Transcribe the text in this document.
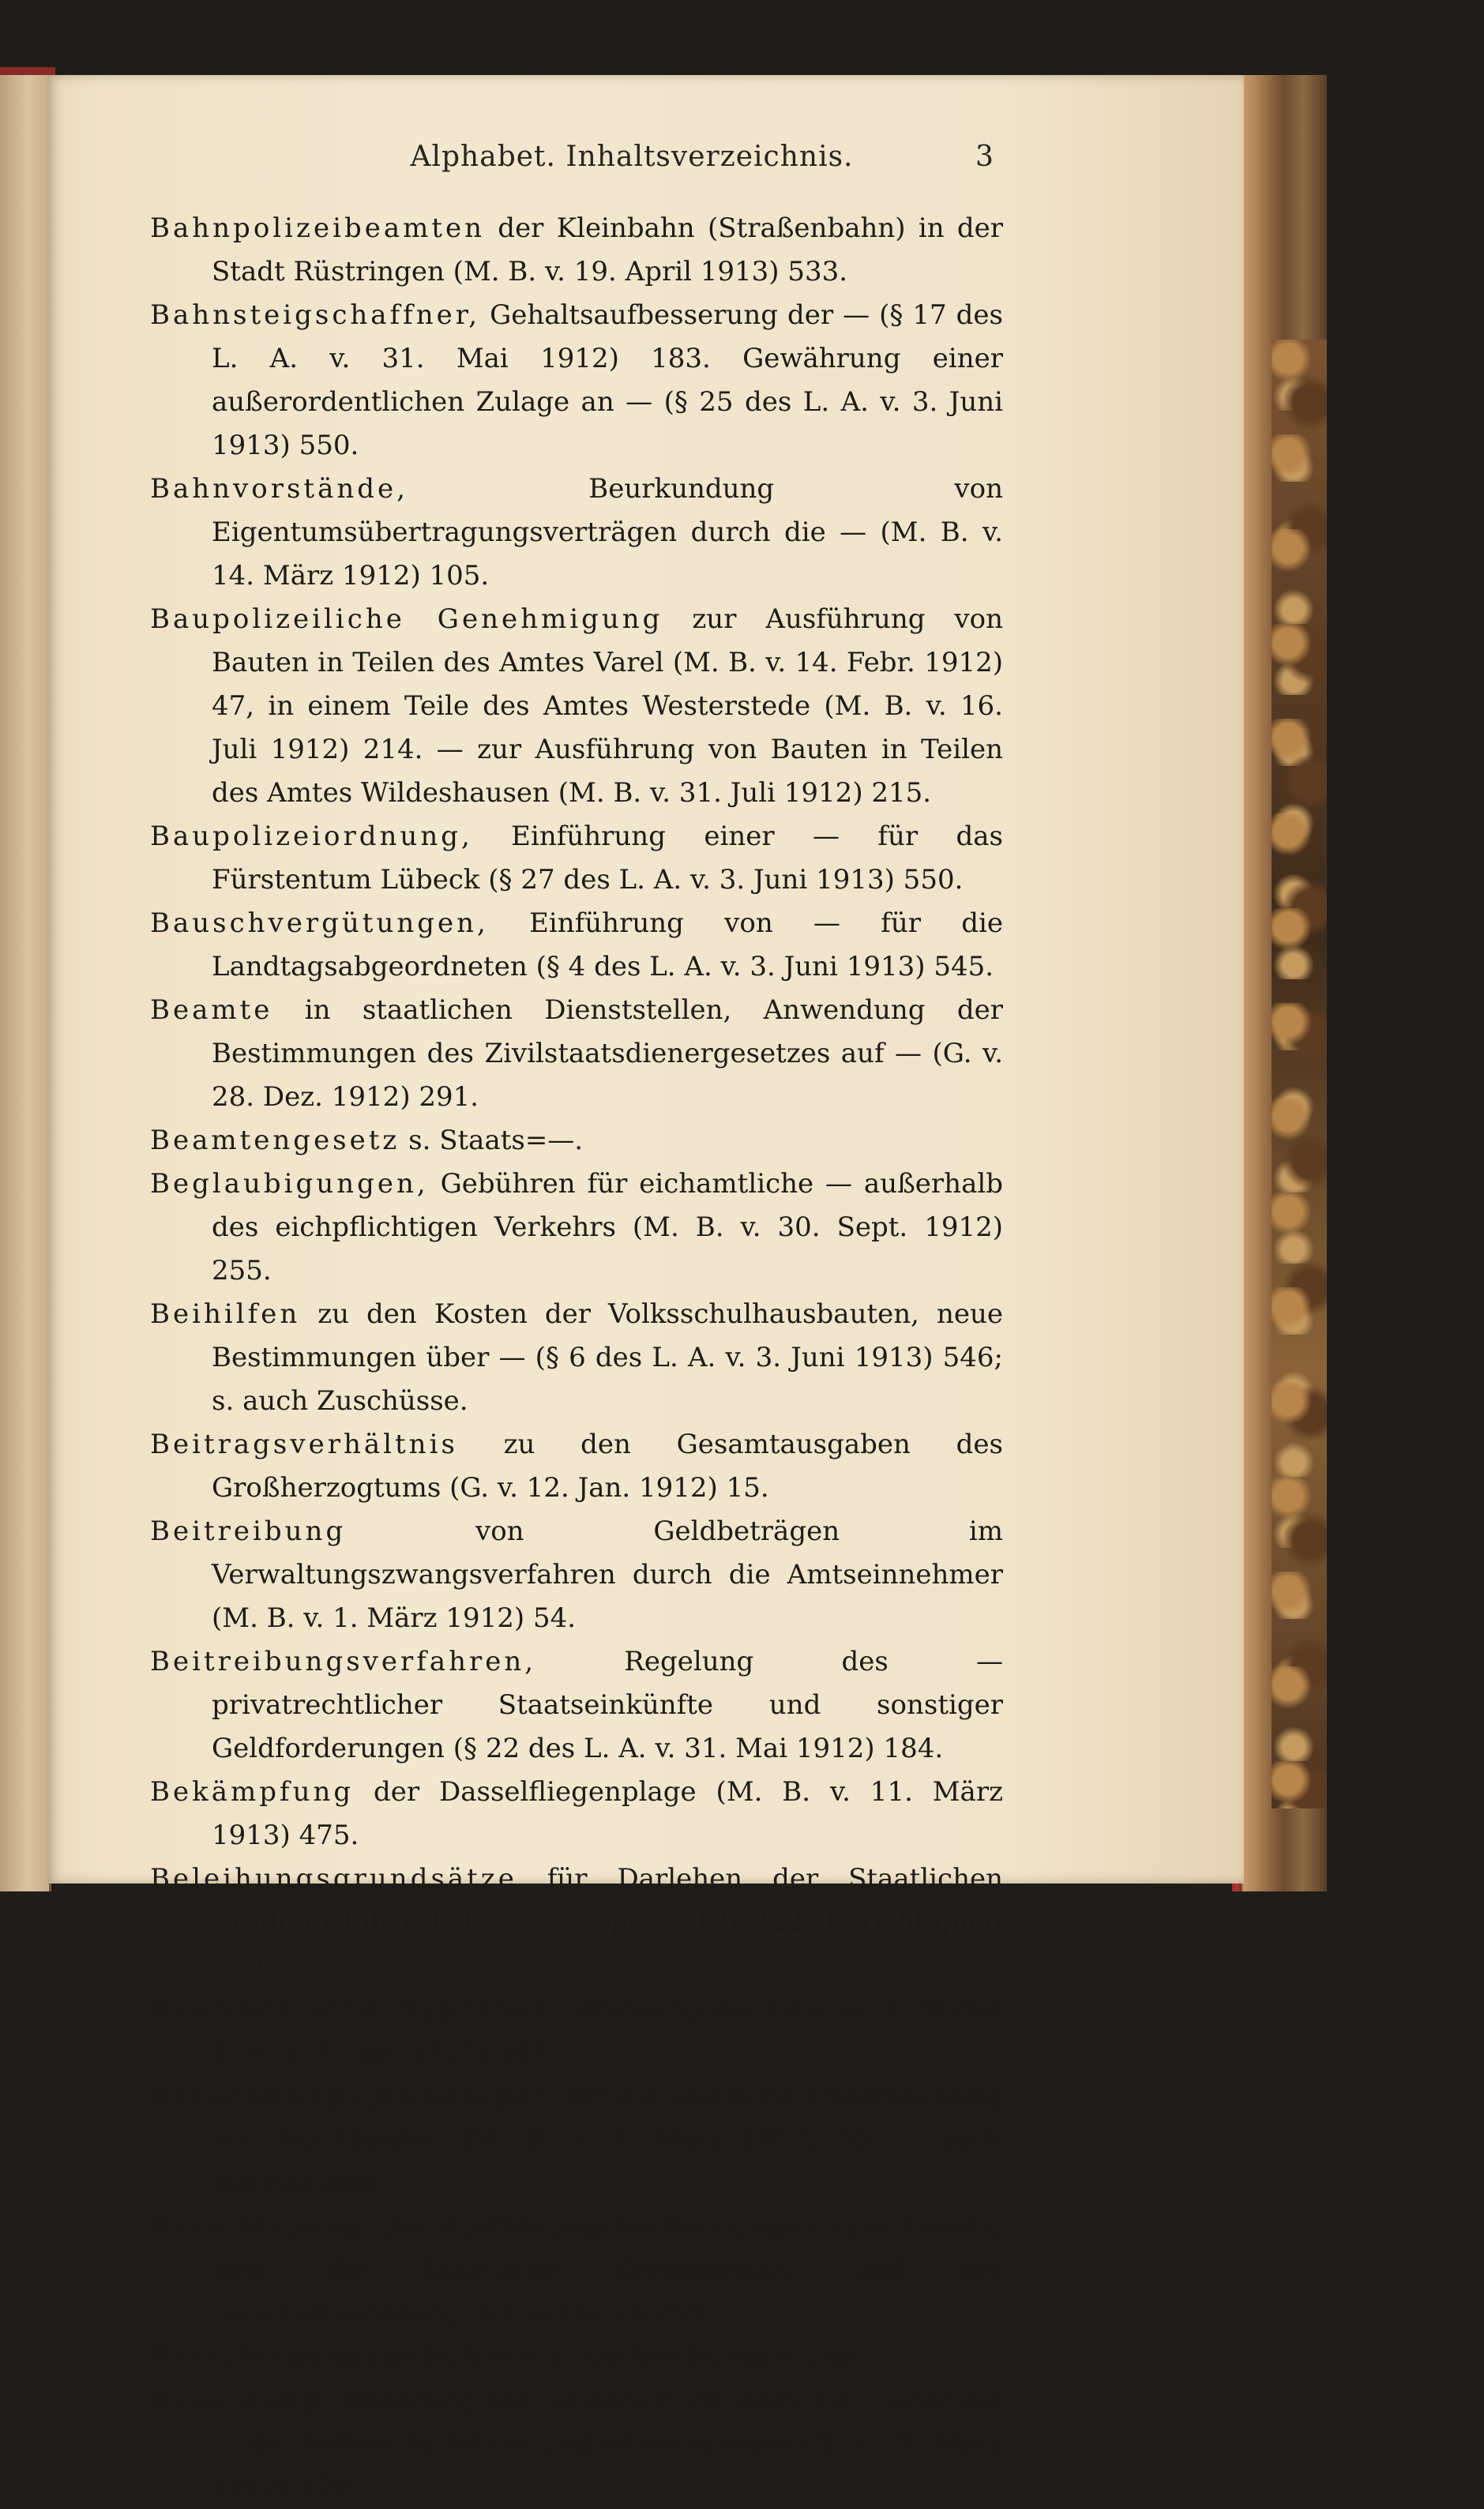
Alphabet. Inhaltsverzeichnis.	3

Bahnpolizeibeamten der Kleinbahn (Straßenbahn) in der Stadt Rüstringen (M. B. v. 19. April 1913) 533.

Bahnsteigschaffner, Gehaltsaufbesserung der — (§ 17 des L. A. v. 31. Mai 1912) 183. Gewährung einer außerordentlichen Zulage an — (§ 25 des L. A. v. 3. Juni 1913) 550.

Bahnvorstände, Beurkundung von Eigentumsübertragungsverträgen durch die — (M. B. v. 14. März 1912) 105.

Baupolizeiliche Genehmigung zur Ausführung von Bauten in Teilen des Amtes Varel (M. B. v. 14. Febr. 1912) 47, in einem Teile des Amtes Westerstede (M. B. v. 16. Juli 1912) 214. — zur Ausführung von Bauten in Teilen des Amtes Wildeshausen (M. B. v. 31. Juli 1912) 215.

Baupolizeiordnung, Einführung einer — für das Fürstentum Lübeck (§ 27 des L. A. v. 3. Juni 1913) 550.

Bauschvergütungen, Einführung von — für die Landtagsabgeordneten (§ 4 des L. A. v. 3. Juni 1913) 545.

Beamte in staatlichen Dienststellen, Anwendung der Bestimmungen des Zivilstaatsdienergesetzes auf — (G. v. 28. Dez. 1912) 291.

Beamtengesetz s. Staats=—.

Beglaubigungen, Gebühren für eichamtliche — außerhalb des eichpflichtigen Verkehrs (M. B. v. 30. Sept. 1912) 255.

Beihilfen zu den Kosten der Volksschulhausbauten, neue Bestimmungen über — (§ 6 des L. A. v. 3. Juni 1913) 546; s. auch Zuschüsse.

Beitragsverhältnis zu den Gesamtausgaben des Großherzogtums (G. v. 12. Jan. 1912) 15.

Beitreibung von Geldbeträgen im Verwaltungszwangsverfahren durch die Amtseinnehmer (M. B. v. 1. März 1912) 54.

Beitreibungsverfahren, Regelung des — privatrechtlicher Staatseinkünfte und sonstiger Geldforderungen (§ 22 des L. A. v. 31. Mai 1912) 184.

Bekämpfung der Dasselfliegenplage (M. B. v. 11. März 1913) 475.

Beleihungsgrundsätze für Darlehen der Staatlichen Kreditanstalt (M. B. v. 7. Sept. 1912) 222. Berichtigung 259.

Bentinck'sche Hypothek, Ablösung der Graf — (§ 20 des L. A. v. 3. Juni 1913) 549.

Berechnungsgrundlagen für die statische Untersuchung von Hochbauten (M. B. v. 2. März 1912) 55; s. auch Hochbauten.

Berichtigung der Ausführungsbestimmungen zum Gesetz, betr. die Staatliche Kreditanstalt, und der Geschäftsordnung der letzteren 259.

Berichtigungsgebühren s. Nacheichungs= und —.

Besoldung, Änderung der Gesetze v. 20. April 1911 über die — der Volksschullehrer und =Lehrerinnen (G. v. 15. März 1912) 109.
